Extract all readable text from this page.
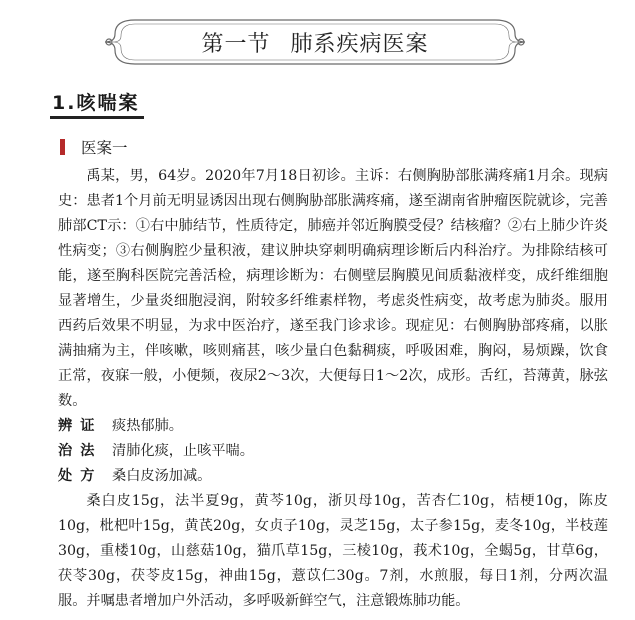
第一节 肺系疾病医案
1.咳喘案
医案一

禹某，男，64岁。2020年7月18日初诊。主诉：右侧胸胁部胀满疼痛1月余。现病史：患者1个月前无明显诱因出现右侧胸胁部胀满疼痛，遂至湖南省肿瘤医院就诊，完善肺部CT示：①右中肺结节，性质待定，肺癌并邻近胸膜受侵？结核瘤？②右上肺少许炎性病变；③右侧胸腔少量积液，建议肿块穿刺明确病理诊断后内科治疗。为排除结核可能，遂至胸科医院完善活检，病理诊断为：右侧壁层胸膜见间质黏液样变，成纤维细胞显著增生，少量炎细胞浸润，附较多纤维素样物，考虑炎性病变，故考虑为肺炎。服用西药后效果不明显，为求中医治疗，遂至我门诊求诊。现症见：右侧胸胁部疼痛，以胀满抽痛为主，伴咳嗽，咳则痛甚，咳少量白色黏稠痰，呼吸困难，胸闷，易烦躁，饮食正常，夜寐一般，小便频，夜尿2～3次，大便每日1～2次，成形。舌红，苔薄黄，脉弦数。

辨证 痰热郁肺。
治法 清肺化痰，止咳平喘。
处方 桑白皮汤加减。

桑白皮15g，法半夏9g，黄芩10g，浙贝母10g，苦杏仁10g，桔梗10g，陈皮10g，枇杷叶15g，黄芪20g，女贞子10g，灵芝15g，太子参15g，麦冬10g，半枝莲30g，重楼10g，山慈菇10g，猫爪草15g，三棱10g，莪术10g，全蝎5g，甘草6g，茯苓30g，茯苓皮15g，神曲15g，薏苡仁30g。7剂，水煎服，每日1剂，分两次温服。并嘱患者增加户外活动，多呼吸新鲜空气，注意锻炼肺功能。
